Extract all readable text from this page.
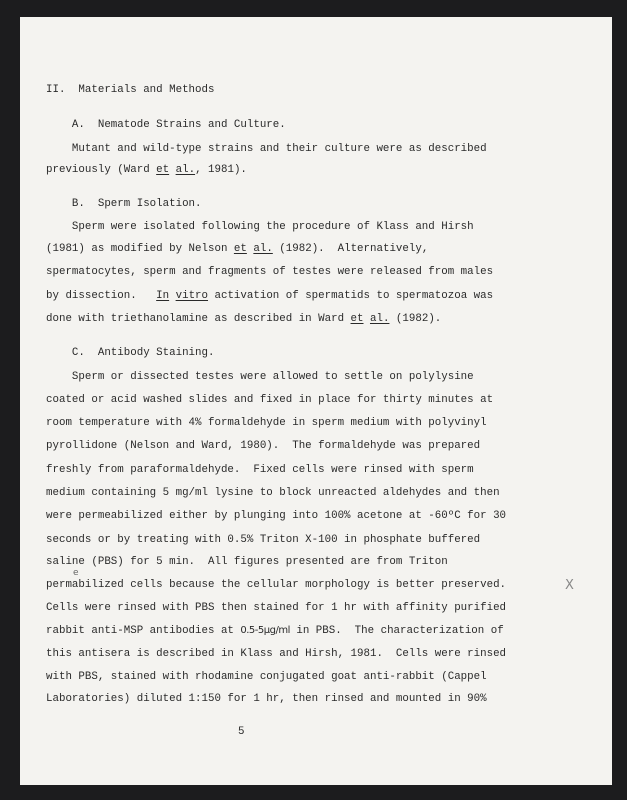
II.  Materials and Methods
A.  Nematode Strains and Culture.
Mutant and wild-type strains and their culture were as described
previously (Ward et al., 1981).
B.  Sperm Isolation.
Sperm were isolated following the procedure of Klass and Hirsh
(1981) as modified by Nelson et al. (1982).  Alternatively,
spermatocytes, sperm and fragments of testes were released from males
by dissection.   In vitro activation of spermatids to spermatozoa was
done with triethanolamine as described in Ward et al. (1982).
C.  Antibody Staining.
Sperm or dissected testes were allowed to settle on polylysine
coated or acid washed slides and fixed in place for thirty minutes at
room temperature with 4% formaldehyde in sperm medium with polyvinyl
pyrollidone (Nelson and Ward, 1980).  The formaldehyde was prepared
freshly from paraformaldehyde.  Fixed cells were rinsed with sperm
medium containing 5 mg/ml lysine to block unreacted aldehydes and then
were permeabilized either by plunging into 100% acetone at -60ºC for 30
seconds or by treating with 0.5% Triton X-100 in phosphate buffered
saline (PBS) for 5 min.  All figures presented are from Triton
permabilized cells because the cellular morphology is better preserved.
Cells were rinsed with PBS then stained for 1 hr with affinity purified
rabbit anti-MSP antibodies at 0.5-5µg/ml in PBS.  The characterization of
this antisera is described in Klass and Hirsh, 1981.  Cells were rinsed
with PBS, stained with rhodamine conjugated goat anti-rabbit (Cappel
Laboratories) diluted 1:150 for 1 hr, then rinsed and mounted in 90%
5
e
X
